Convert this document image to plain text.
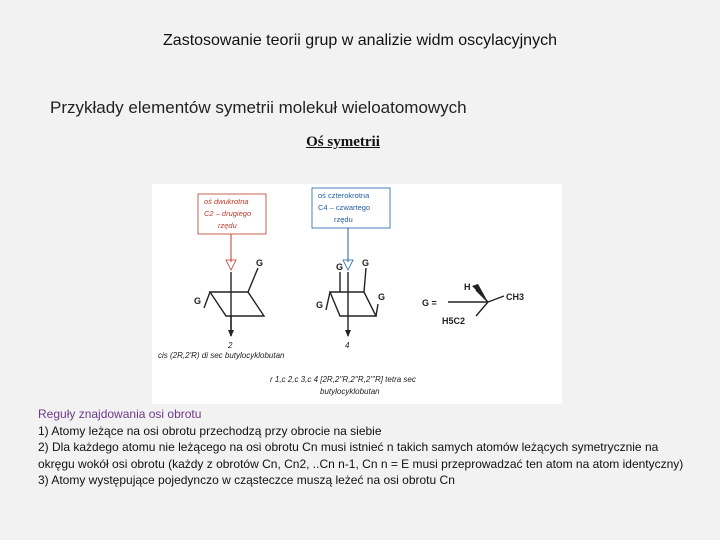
Zastosowanie teorii grup w analizie widm oscylacyjnych
Przykłady elementów symetrii molekuł wieloatomowych
Oś symetrii
oś dwukrotna
C2 – drugiego
rzędu
oś czterokrotna
C4 – czwartego
rzędu
G
G
2
G G
G
G
4
G =
H
CH3
H5C2
cis (2R,2'R) di sec butylocyklobutan
r 1,c 2,c 3,c 4 [2R,2''R,2''R,2'''R] tetra sec
butylocyklobutan
Reguły znajdowania osi obrotu
1) Atomy leżące na osi obrotu przechodzą przy obrocie na siebie
2) Dla każdego atomu nie leżącego na osi obrotu Cn musi istnieć n takich samych atomów leżących symetrycznie na okręgu wokół osi obrotu (każdy z obrotów Cn, Cn2, ..Cn n-1, Cn n = E musi przeprowadzać ten atom na atom identyczny)
3) Atomy występujące pojedynczo w cząsteczce muszą leżeć na osi obrotu Cn
